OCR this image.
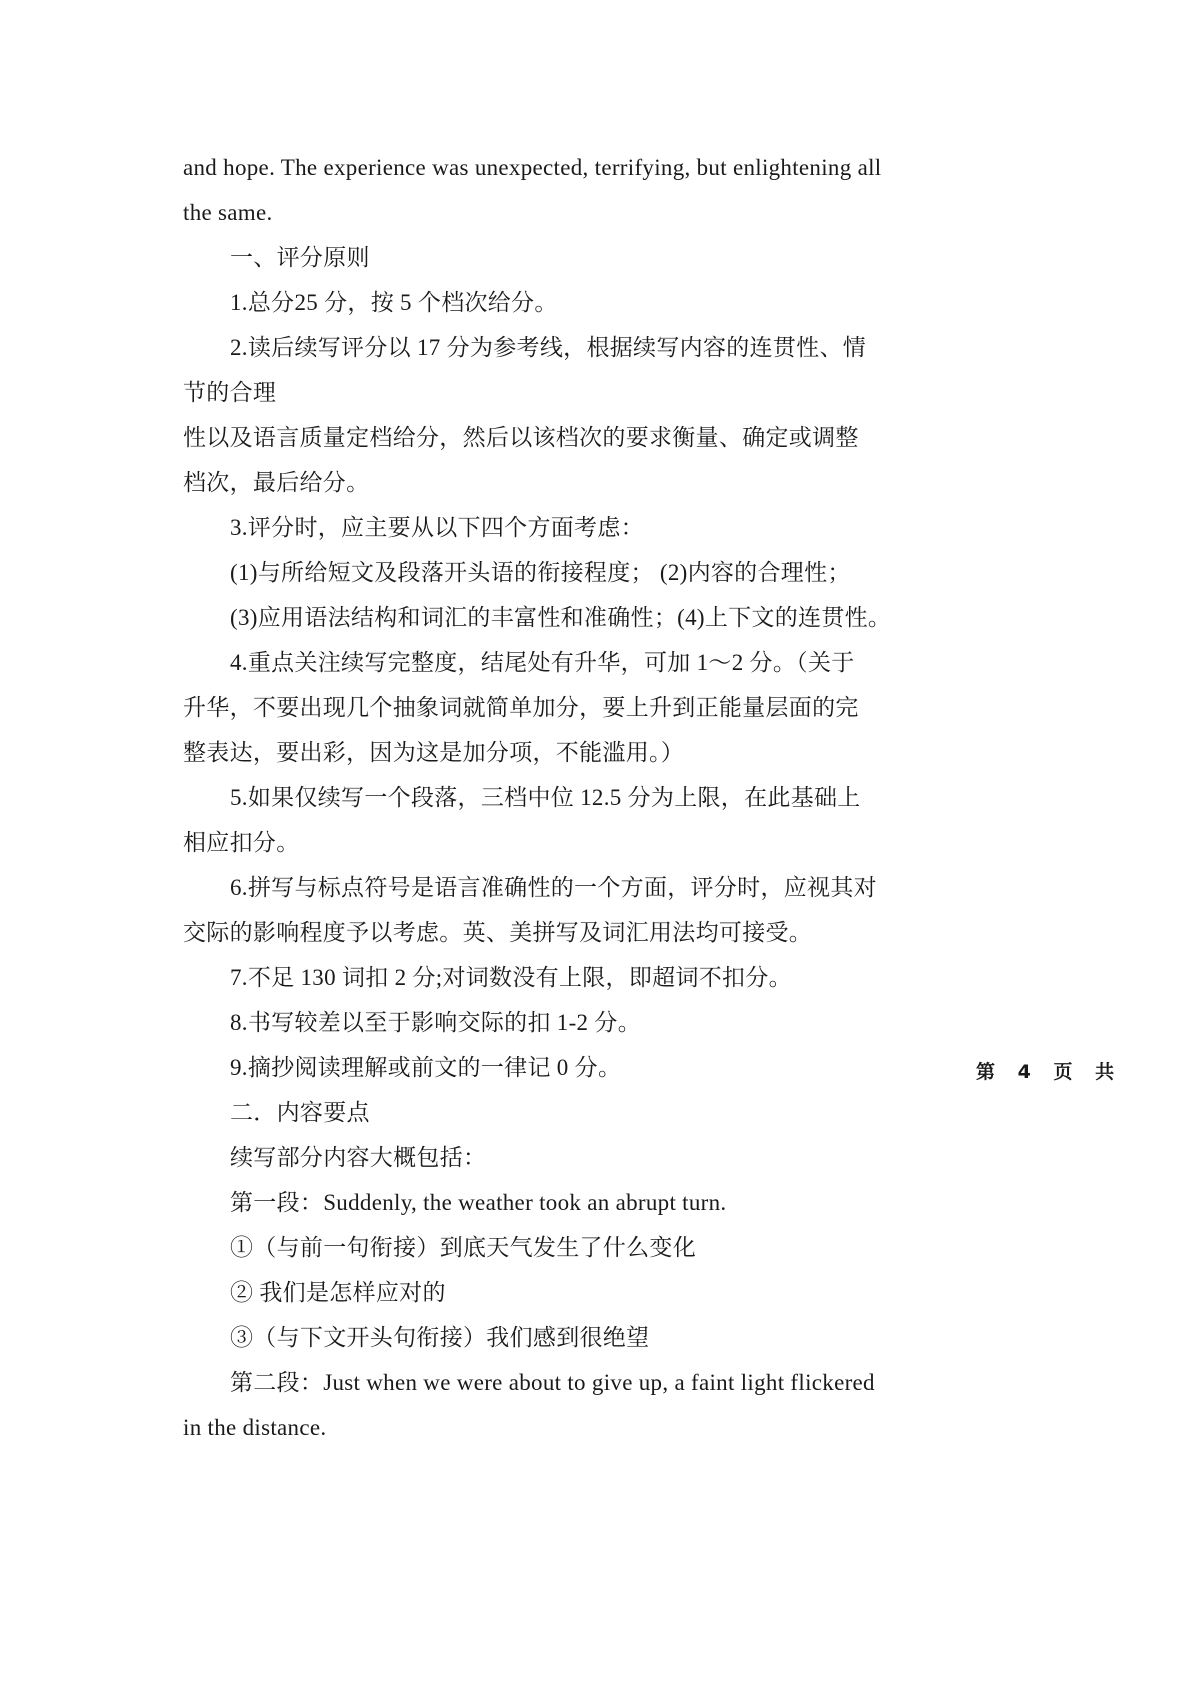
and hope. The experience was unexpected, terrifying, but enlightening all
the same.
一、评分原则
1.总分25 分，按 5 个档次给分。
2.读后续写评分以 17 分为参考线，根据续写内容的连贯性、情
节的合理
性以及语言质量定档给分，然后以该档次的要求衡量、确定或调整
档次，最后给分。
3.评分时，应主要从以下四个方面考虑：
(1)与所给短文及段落开头语的衔接程度； (2)内容的合理性；
(3)应用语法结构和词汇的丰富性和准确性；(4)上下文的连贯性。
4.重点关注续写完整度，结尾处有升华，可加 1～2 分。（关于
升华，不要出现几个抽象词就简单加分，要上升到正能量层面的完
整表达，要出彩，因为这是加分项，不能滥用。）
5.如果仅续写一个段落，三档中位 12.5 分为上限，在此基础上
相应扣分。
6.拼写与标点符号是语言准确性的一个方面，评分时，应视其对
交际的影响程度予以考虑。英、美拼写及词汇用法均可接受。
7.不足 130 词扣 2 分;对词数没有上限，即超词不扣分。
8.书写较差以至于影响交际的扣 1-2 分。
9.摘抄阅读理解或前文的一律记 0 分。
二．内容要点
续写部分内容大概包括：
第一段：Suddenly, the weather took an abrupt turn.
①（与前一句衔接）到底天气发生了什么变化
② 我们是怎样应对的
③（与下文开头句衔接）我们感到很绝望
第二段：Just when we were about to give up, a faint light flickered
in the distance.
第 4 页 共
